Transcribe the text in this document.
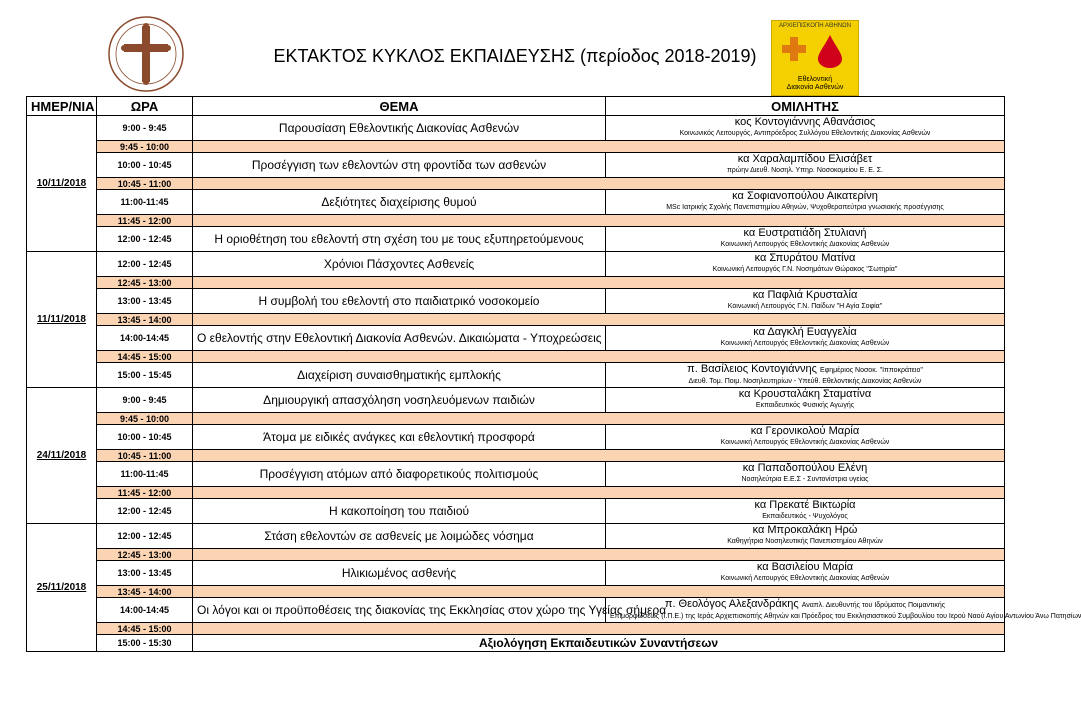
ΕΚΤΑΚΤΟΣ ΚΥΚΛΟΣ ΕΚΠΑΙΔΕΥΣΗΣ (περίοδος 2018-2019)
ΑΡΧΙΕΠΙΣΚΟΠΗ ΑΘΗΝΩΝ
Εθελοντική
Διακονία Ασθενών
ΗΜΕΡ/ΝΙΑ	ΩΡΑ	ΘΕΜΑ	ΟΜΙΛΗΤΗΣ
10/11/2018	9:00 - 9:45	Παρουσίαση Εθελοντικής Διακονίας Ασθενών	κος Κοντογιάννης Αθανάσιος
Κοινωνικός Λειτουργός, Αντιπρόεδρος Συλλόγου Εθελοντικής Διακονίας Ασθενών

	9:45 - 10:00		
	10:00 - 10:45	Προσέγγιση των εθελοντών στη φροντίδα των ασθενών	κα Χαραλαμπίδου Ελισάβετ
πρώην Διευθ. Νοσηλ. Υπηρ. Νοσοκομείου Ε. Ε. Σ.

	10:45 - 11:00		
	11:00-11:45	Δεξιότητες διαχείρισης θυμού	κα Σοφιανοπούλου Αικατερίνη
MSc Ιατρικής Σχολής Πανεπιστημίου Αθηνών, Ψυχοθεραπεύτρια γνωσιακής προσέγγισης

	11:45 - 12:00		
	12:00 - 12:45	Η οριοθέτηση του εθελοντή στη σχέση του με τους εξυπηρετούμενους	κα Ευστρατιάδη Στυλιανή
Κοινωνική Λειτουργός Εθελοντικής Διακονίας Ασθενών

11/11/2018	12:00 - 12:45	Χρόνιοι Πάσχοντες Ασθενείς	κα Σπυράτου Ματίνα
Κοινωνική Λειτουργός Γ.Ν. Νοσημάτων Θώρακος "Σωτηρία"

	12:45 - 13:00		
	13:00 - 13:45	Η συμβολή του εθελοντή στο παιδιατρικό νοσοκομείο	κα Παφλιά Κρυσταλία
Κοινωνική Λειτουργός Γ.Ν. Παίδων "Η Αγία Σοφία"

	13:45 - 14:00		
	14:00-14:45	Ο εθελοντής στην Εθελοντική Διακονία Ασθενών. Δικαιώματα - Υποχρεώσεις	κα Δαγκλή Ευαγγελία
Κοινωνική Λειτουργός Εθελοντικής Διακονίας Ασθενών

	14:45 - 15:00		
	15:00 - 15:45	Διαχείριση συναισθηματικής εμπλοκής	π. Βασίλειος Κοντογιάννης Εφημέριος Νοσοκ. "Ιπποκράτειο"
Διευθ. Τομ. Ποιμ. Νοσηλευτηρίων - Υπεύθ. Εθελοντικής Διακονίας Ασθενών

24/11/2018	9:00 - 9:45	Δημιουργική απασχόληση νοσηλευόμενων παιδιών	κα Κρουσταλάκη Σταματίνα
Εκπαιδευτικός Φυσικής Αγωγής

	9:45 - 10:00		
	10:00 - 10:45	Άτομα με ειδικές ανάγκες και εθελοντική προσφορά	κα Γερονικολού Μαρία
Κοινωνική Λειτουργός Εθελοντικής Διακονίας Ασθενών

	10:45 - 11:00		
	11:00-11:45	Προσέγγιση ατόμων από διαφορετικούς πολιτισμούς	κα Παπαδοπούλου Ελένη
Νοσηλεύτρια Ε.Ε.Σ - Συντονίστρια υγείας

	11:45 - 12:00		
	12:00 - 12:45	Η κακοποίηση του παιδιού	κα Πρεκατέ Βικτωρία
Εκπαιδευτικός - Ψυχολόγος

25/11/2018	12:00 - 12:45	Στάση εθελοντών σε ασθενείς με λοιμώδες νόσημα	κα Μπροκαλάκη Ηρώ
Καθηγήτρια Νοσηλευτικής Πανεπιστημίου Αθηνών

	12:45 - 13:00		
	13:00 - 13:45	Ηλικιωμένος ασθενής	κα Βασιλείου Μαρία
Κοινωνική Λειτουργός Εθελοντικής Διακονίας Ασθενών

	13:45 - 14:00		
	14:00-14:45	Οι λόγοι και οι προϋποθέσεις της διακονίας της Εκκλησίας στον χώρο της Υγείας σήμερα	π. Θεολόγος Αλεξανδράκης Αναπλ. Διευθυντής του Ιδρύματος Ποιμαντικής
Επιμορφώσεως (Ι.Π.Ε.) της Ιεράς Αρχιεπισκοπής Αθηνών και Πρόεδρος του Εκκλησιαστικού Συμβουλίου του Ιερού Ναού Αγίου Αντωνίου Άνω Πατησίων

	14:45 - 15:00		
	15:00 - 15:30	Αξιολόγηση Εκπαιδευτικών Συναντήσεων	
